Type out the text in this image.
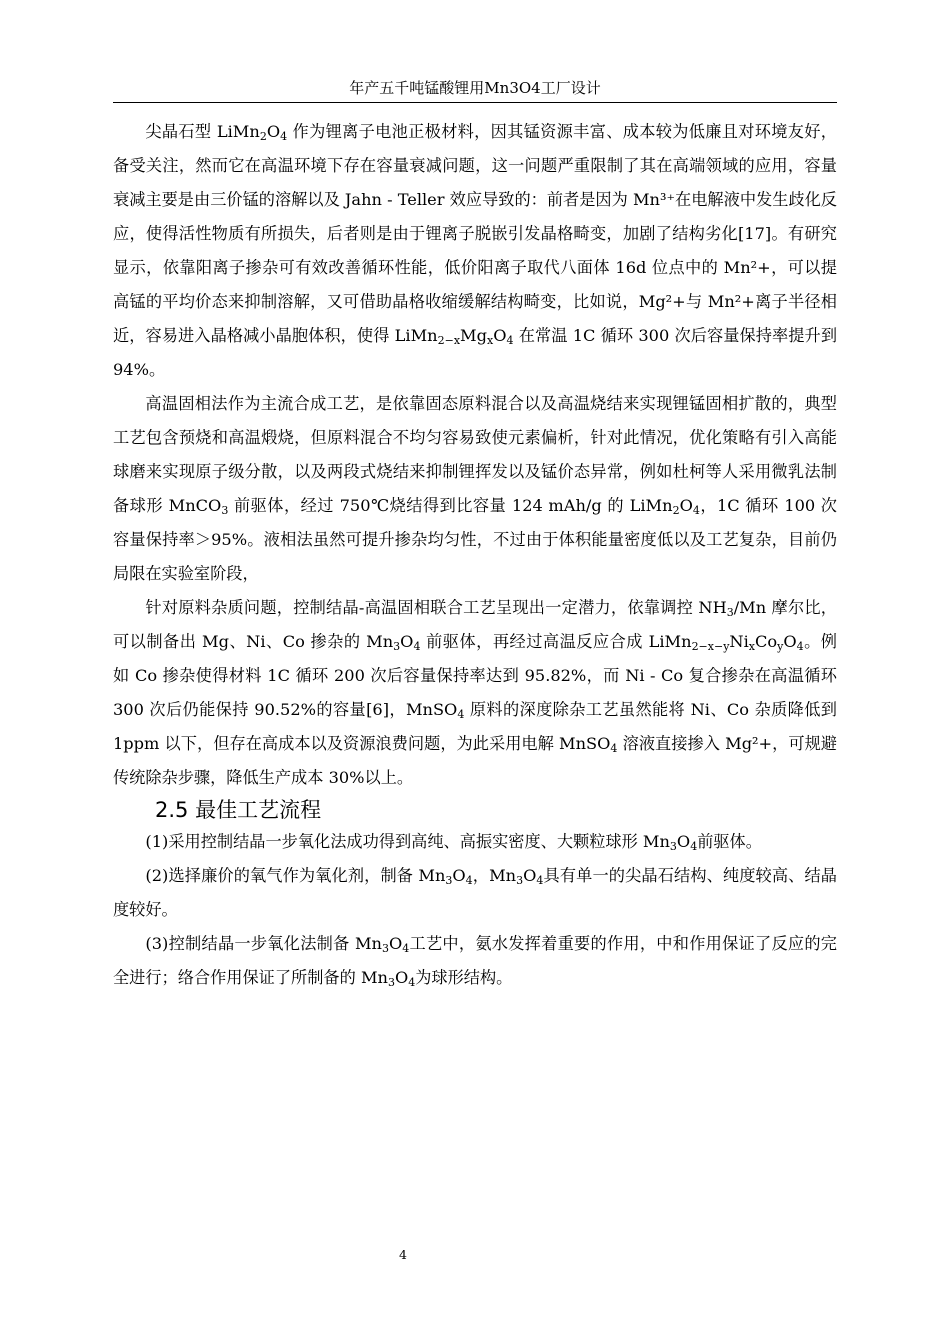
年产五千吨锰酸锂用Mn3O4工厂设计

尖晶石型 $LiMn_2O_4$ 作为锂离子电池正极材料，因其锰资源丰富、成本较为低廉且对环境友好，备受关注，然而它在高温环境下存在容量衰减问题，这一问题严重限制了其在高端领域的应用，容量衰减主要是由三价锰的溶解以及 Jahn - Teller 效应导致的：前者是因为 Mn³⁺在电解液中发生歧化反应，使得活性物质有所损失，后者则是由于锂离子脱嵌引发晶格畸变，加剧了结构劣化[17]。有研究显示，依靠阳离子掺杂可有效改善循环性能，低价阳离子取代八面体 16d 位点中的 Mn²+，可以提高锰的平均价态来抑制溶解，又可借助晶格收缩缓解结构畸变，比如说，Mg²+与 Mn²+离子半径相近，容易进入晶格减小晶胞体积，使得 $LiMn_{2-x}Mg_xO_4$ 在常温 1C 循环 300 次后容量保持率提升到 94%。

高温固相法作为主流合成工艺，是依靠固态原料混合以及高温烧结来实现锂锰固相扩散的，典型工艺包含预烧和高温煅烧，但原料混合不均匀容易致使元素偏析，针对此情况，优化策略有引入高能球磨来实现原子级分散，以及两段式烧结来抑制锂挥发以及锰价态异常，例如杜柯等人采用微乳法制备球形 MnCO$_3$ 前驱体，经过 750℃烧结得到比容量 124 mAh/g 的 $LiMn_2O_4$，1C 循环 100 次容量保持率＞95%。液相法虽然可提升掺杂均匀性，不过由于体积能量密度低以及工艺复杂，目前仍局限在实验室阶段，

针对原料杂质问题，控制结晶-高温固相联合工艺呈现出一定潜力，依靠调控 $NH_3/Mn$ 摩尔比，可以制备出 Mg、Ni、Co 掺杂的 $Mn_3O_4$ 前驱体，再经过高温反应合成 $LiMn_{2-x-y}Ni_xCo_yO_4$。例如 Co 掺杂使得材料 1C 循环 200 次后容量保持率达到 95.82%，而 Ni - Co 复合掺杂在高温循环 300 次后仍能保持 90.52%的容量[6]，MnSO$_4$ 原料的深度除杂工艺虽然能将 Ni、Co 杂质降低到 1ppm 以下，但存在高成本以及资源浪费问题，为此采用电解 MnSO$_4$ 溶液直接掺入 Mg²+，可规避传统除杂步骤，降低生产成本 30%以上。

2.5 最佳工艺流程

(1)采用控制结晶一步氧化法成功得到高纯、高振实密度、大颗粒球形 $Mn_3O_4$前驱体。

(2)选择廉价的氧气作为氧化剂，制备 $Mn_3O_4$，$Mn_3O_4$具有单一的尖晶石结构、纯度较高、结晶度较好。

(3)控制结晶一步氧化法制备 $Mn_3O_4$工艺中，氨水发挥着重要的作用，中和作用保证了反应的完全进行；络合作用保证了所制备的 $Mn_3O_4$为球形结构。

4
